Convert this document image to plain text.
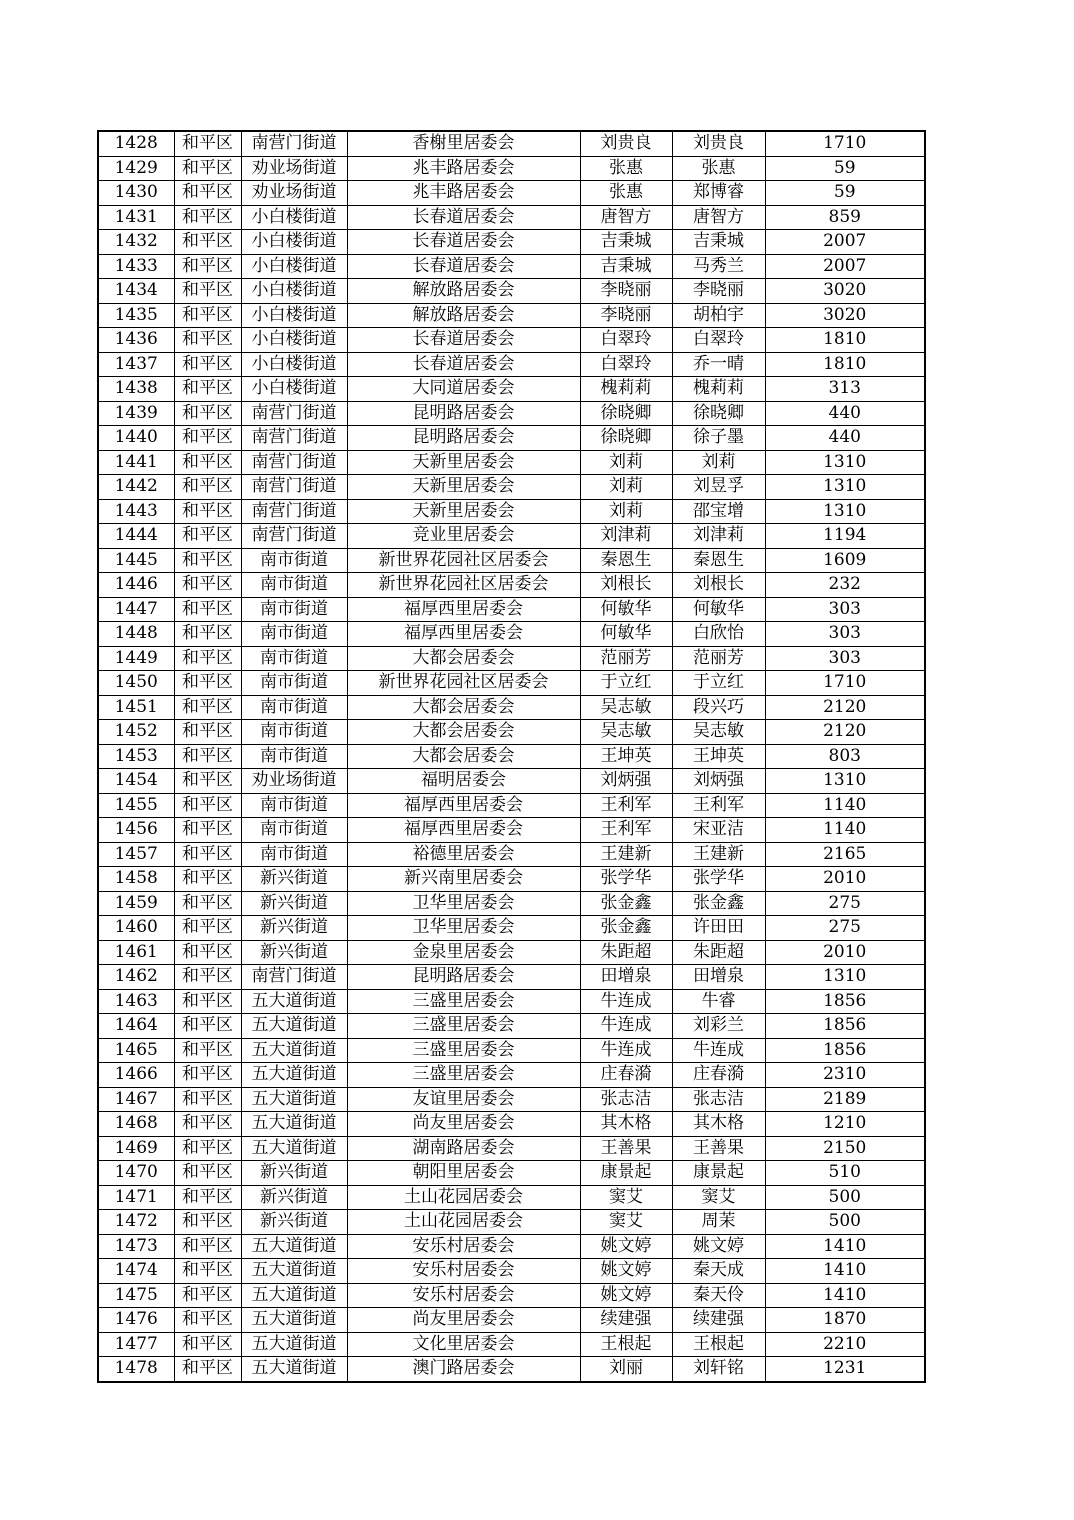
1428	和平区	南营门街道	香榭里居委会	刘贵良	刘贵良	1710
1429	和平区	劝业场街道	兆丰路居委会	张惠	张惠	59
1430	和平区	劝业场街道	兆丰路居委会	张惠	郑博睿	59
1431	和平区	小白楼街道	长春道居委会	唐智方	唐智方	859
1432	和平区	小白楼街道	长春道居委会	吉秉城	吉秉城	2007
1433	和平区	小白楼街道	长春道居委会	吉秉城	马秀兰	2007
1434	和平区	小白楼街道	解放路居委会	李晓丽	李晓丽	3020
1435	和平区	小白楼街道	解放路居委会	李晓丽	胡柏宇	3020
1436	和平区	小白楼街道	长春道居委会	白翠玲	白翠玲	1810
1437	和平区	小白楼街道	长春道居委会	白翠玲	乔一晴	1810
1438	和平区	小白楼街道	大同道居委会	槐莉莉	槐莉莉	313
1439	和平区	南营门街道	昆明路居委会	徐晓卿	徐晓卿	440
1440	和平区	南营门街道	昆明路居委会	徐晓卿	徐子墨	440
1441	和平区	南营门街道	天新里居委会	刘莉	刘莉	1310
1442	和平区	南营门街道	天新里居委会	刘莉	刘昱孚	1310
1443	和平区	南营门街道	天新里居委会	刘莉	邵宝增	1310
1444	和平区	南营门街道	竞业里居委会	刘津莉	刘津莉	1194
1445	和平区	南市街道	新世界花园社区居委会	秦恩生	秦恩生	1609
1446	和平区	南市街道	新世界花园社区居委会	刘根长	刘根长	232
1447	和平区	南市街道	福厚西里居委会	何敏华	何敏华	303
1448	和平区	南市街道	福厚西里居委会	何敏华	白欣怡	303
1449	和平区	南市街道	大都会居委会	范丽芳	范丽芳	303
1450	和平区	南市街道	新世界花园社区居委会	于立红	于立红	1710
1451	和平区	南市街道	大都会居委会	吴志敏	段兴巧	2120
1452	和平区	南市街道	大都会居委会	吴志敏	吴志敏	2120
1453	和平区	南市街道	大都会居委会	王坤英	王坤英	803
1454	和平区	劝业场街道	福明居委会	刘炳强	刘炳强	1310
1455	和平区	南市街道	福厚西里居委会	王利军	王利军	1140
1456	和平区	南市街道	福厚西里居委会	王利军	宋亚洁	1140
1457	和平区	南市街道	裕德里居委会	王建新	王建新	2165
1458	和平区	新兴街道	新兴南里居委会	张学华	张学华	2010
1459	和平区	新兴街道	卫华里居委会	张金鑫	张金鑫	275
1460	和平区	新兴街道	卫华里居委会	张金鑫	许田田	275
1461	和平区	新兴街道	金泉里居委会	朱距超	朱距超	2010
1462	和平区	南营门街道	昆明路居委会	田增泉	田增泉	1310
1463	和平区	五大道街道	三盛里居委会	牛连成	牛睿	1856
1464	和平区	五大道街道	三盛里居委会	牛连成	刘彩兰	1856
1465	和平区	五大道街道	三盛里居委会	牛连成	牛连成	1856
1466	和平区	五大道街道	三盛里居委会	庄春漪	庄春漪	2310
1467	和平区	五大道街道	友谊里居委会	张志洁	张志洁	2189
1468	和平区	五大道街道	尚友里居委会	其木格	其木格	1210
1469	和平区	五大道街道	湖南路居委会	王善果	王善果	2150
1470	和平区	新兴街道	朝阳里居委会	康景起	康景起	510
1471	和平区	新兴街道	土山花园居委会	窦艾	窦艾	500
1472	和平区	新兴街道	土山花园居委会	窦艾	周茉	500
1473	和平区	五大道街道	安乐村居委会	姚文婷	姚文婷	1410
1474	和平区	五大道街道	安乐村居委会	姚文婷	秦天成	1410
1475	和平区	五大道街道	安乐村居委会	姚文婷	秦天伶	1410
1476	和平区	五大道街道	尚友里居委会	续建强	续建强	1870
1477	和平区	五大道街道	文化里居委会	王根起	王根起	2210
1478	和平区	五大道街道	澳门路居委会	刘丽	刘轩铭	1231
